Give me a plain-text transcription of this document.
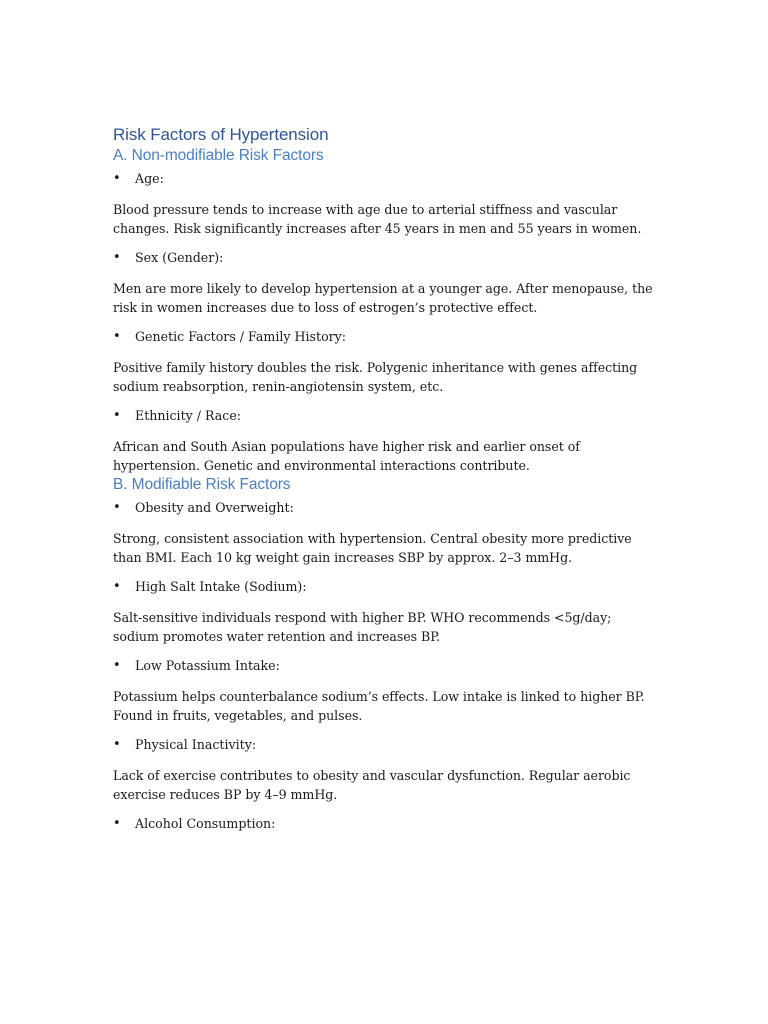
Risk Factors of Hypertension
A. Non-modifiable Risk Factors
• Age:

Blood pressure tends to increase with age due to arterial stiffness and vascular changes. Risk significantly increases after 45 years in men and 55 years in women.

• Sex (Gender):

Men are more likely to develop hypertension at a younger age. After menopause, the risk in women increases due to loss of estrogen’s protective effect.

• Genetic Factors / Family History:

Positive family history doubles the risk. Polygenic inheritance with genes affecting sodium reabsorption, renin-angiotensin system, etc.

• Ethnicity / Race:

African and South Asian populations have higher risk and earlier onset of hypertension. Genetic and environmental interactions contribute.

B. Modifiable Risk Factors
• Obesity and Overweight:

Strong, consistent association with hypertension. Central obesity more predictive than BMI. Each 10 kg weight gain increases SBP by approx. 2–3 mmHg.

• High Salt Intake (Sodium):

Salt-sensitive individuals respond with higher BP. WHO recommends <5g/day; sodium promotes water retention and increases BP.

• Low Potassium Intake:

Potassium helps counterbalance sodium’s effects. Low intake is linked to higher BP. Found in fruits, vegetables, and pulses.

• Physical Inactivity:

Lack of exercise contributes to obesity and vascular dysfunction. Regular aerobic exercise reduces BP by 4–9 mmHg.

• Alcohol Consumption:
